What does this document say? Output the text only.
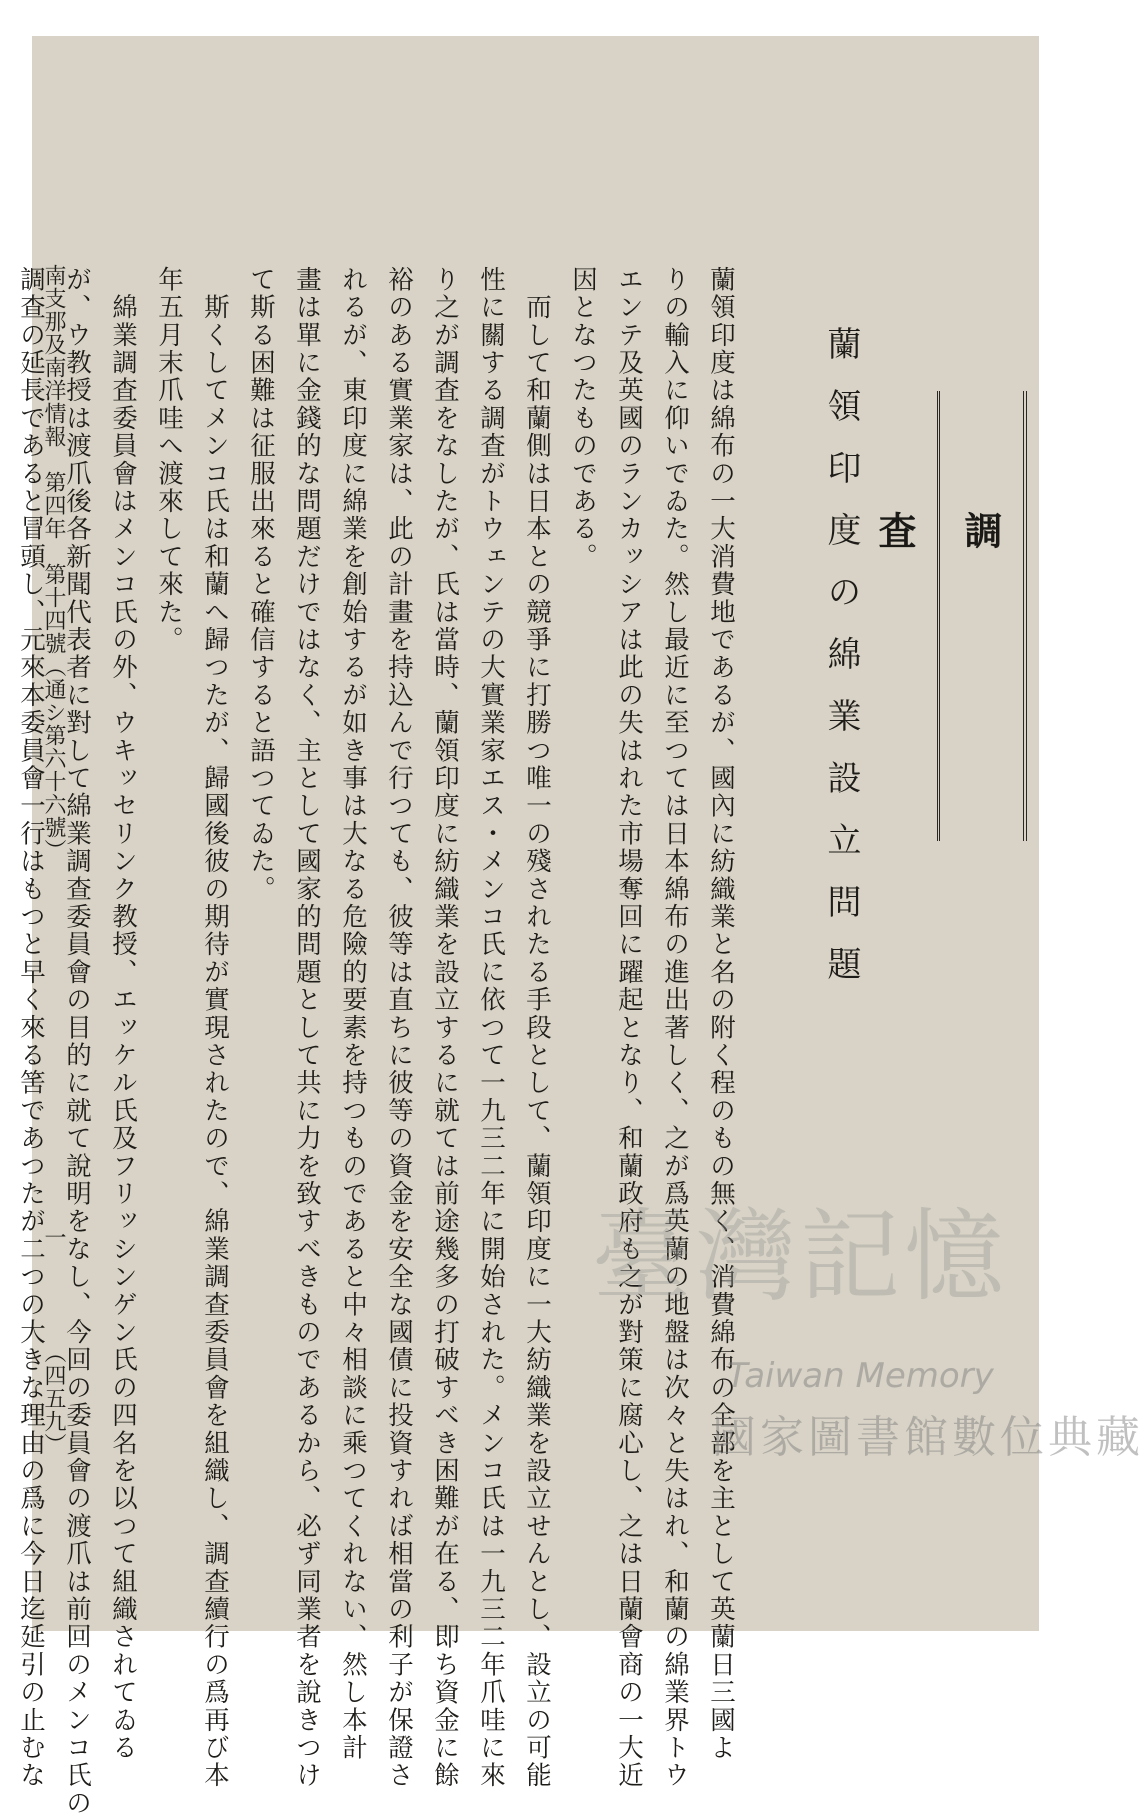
調査
蘭領印度の綿業設立問題
蘭領印度は綿布の一大消費地であるが、國內に紡織業と名の附く程のもの無く、消費綿布の全部を主として英蘭日三國よ
りの輸入に仰いでゐた。然し最近に至つては日本綿布の進出著しく、之が爲英蘭の地盤は次々と失はれ、和蘭の綿業界トウ
エンテ及英國のランカッシアは此の失はれた市場奪回に躍起となり、和蘭政府も之が對策に腐心し、之は日蘭會商の一大近
因となつたものである。
　而して和蘭側は日本との競爭に打勝つ唯一の殘されたる手段として、蘭領印度に一大紡織業を設立せんとし、設立の可能
性に關する調査がトウェンテの大實業家エス・メンコ氏に依つて一九三二年に開始された。メンコ氏は一九三二年爪哇に來
り之が調査をなしたが、氏は當時、蘭領印度に紡織業を設立するに就ては前途幾多の打破すべき困難が在る、即ち資金に餘
裕のある實業家は、此の計畫を持込んで行つても、彼等は直ちに彼等の資金を安全な國債に投資すれば相當の利子が保證さ
れるが、東印度に綿業を創始するが如き事は大なる危險的要素を持つものであると中々相談に乘つてくれない、然し本計
畫は單に金錢的な問題だけではなく、主として國家的問題として共に力を致すべきものであるから、必ず同業者を說きつけ
て斯る困難は征服出來ると確信すると語つてゐた。
　斯くしてメンコ氏は和蘭へ歸つたが、歸國後彼の期待が實現されたので、綿業調查委員會を組織し、調查續行の爲再び本
年五月末爪哇へ渡來して來た。
　綿業調査委員會はメンコ氏の外、ウキッセリンク教授、エッケル氏及フリッシンゲン氏の四名を以つて組織されてゐる
が、ウ教授は渡爪後各新聞代表者に對して綿業調查委員會の目的に就て說明をなし、今回の委員會の渡爪は前回のメンコ氏の
調查の延長であると冒頭し、元來本委員會一行はもつと早く來る筈であつたが二つの大きな理由の爲に今日迄延引の止むな
南支那及南洋情報　第四年　第十四號（通シ第六十六號）
一
（四五九）
臺灣記憶
Taiwan Memory
國家圖書館數位典藏
